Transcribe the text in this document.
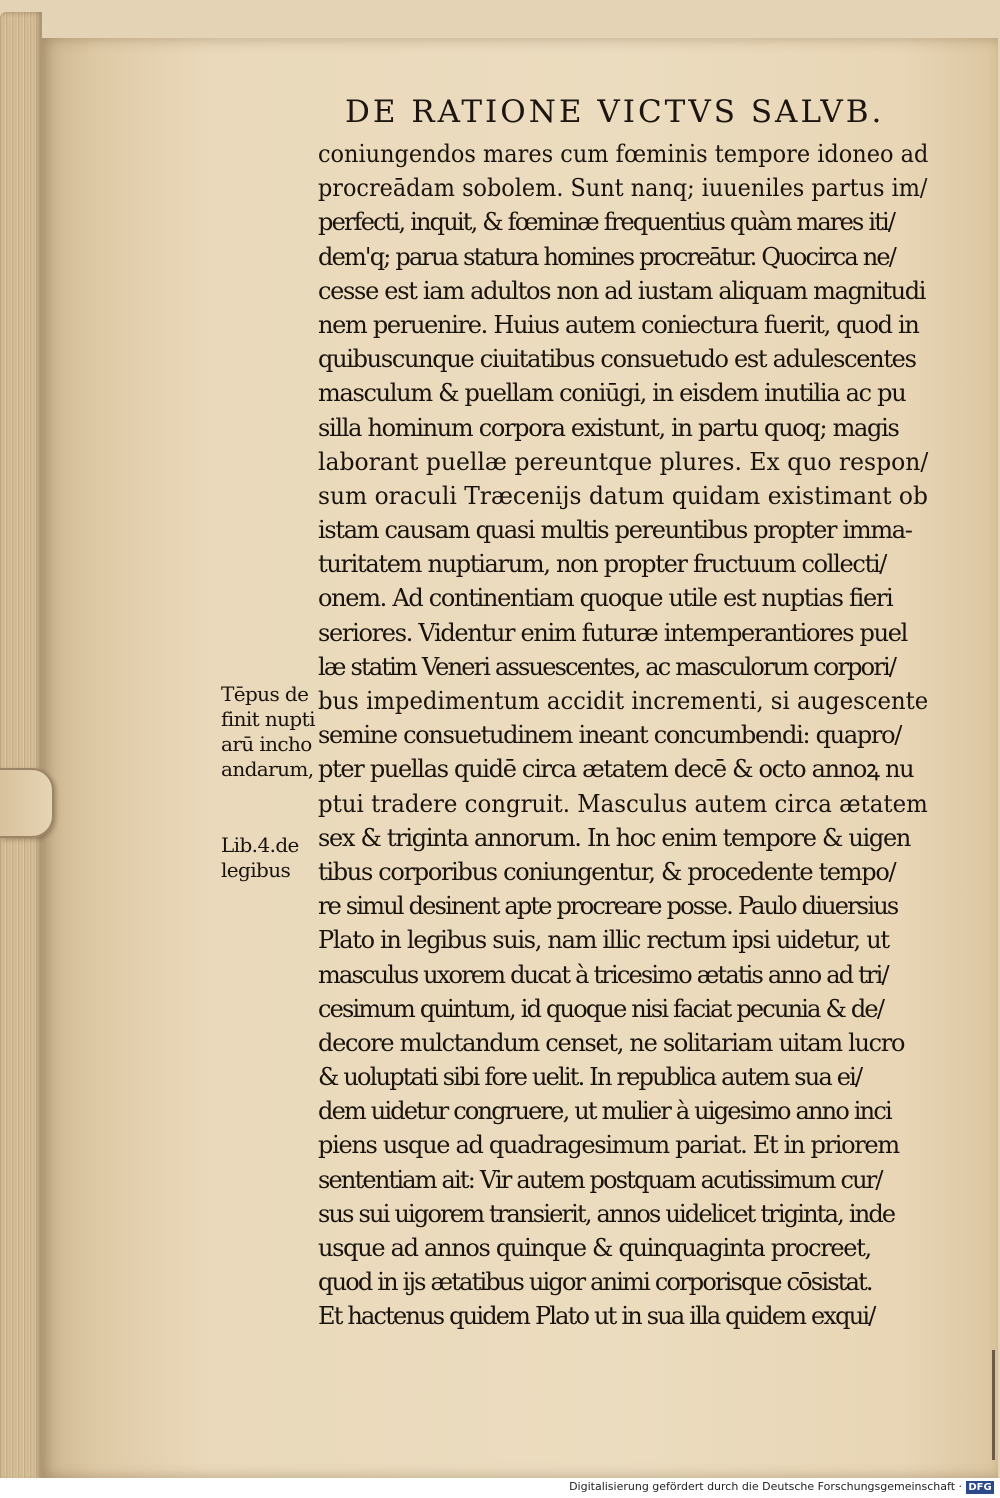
DE RATIONE VICTVS SALVB.
coniungendos mares cum fœminis tempore idoneo ad
procreādam sobolem. Sunt nanq; iuueniles partus im/
perfecti, inquit, & fœminæ frequentius quàm mares iti/
dem'q; parua statura homines procreātur. Quocirca ne/
cesse est iam adultos non ad iustam aliquam magnitudi
nem peruenire. Huius autem coniectura fuerit, quod in
quibuscunque ciuitatibus consuetudo est adulescentes
masculum & puellam coniūgi, in eisdem inutilia ac pu
silla hominum corpora existunt, in partu quoq; magis
laborant puellæ pereuntque plures. Ex quo respon/
sum oraculi Træcenijs datum quidam existimant ob
istam causam quasi multis pereuntibus propter imma-
turitatem nuptiarum, non propter fructuum collecti/
onem. Ad continentiam quoque utile est nuptias fieri
seriores. Videntur enim futuræ intemperantiores puel
læ statim Veneri assuescentes, ac masculorum corpori/
bus impedimentum accidit incrementi, si augescente
semine consuetudinem ineant concumbendi: quapro/
pter puellas quidē circa ætatem decē & octo annoꝝ nu
ptui tradere congruit. Masculus autem circa ætatem
sex & triginta annorum. In hoc enim tempore & uigen
tibus corporibus coniungentur, & procedente tempo/
re simul desinent apte procreare posse. Paulo diuersius
Plato in legibus suis, nam illic rectum ipsi uidetur, ut
masculus uxorem ducat à tricesimo ætatis anno ad tri/
cesimum quintum, id quoque nisi faciat pecunia & de/
decore mulctandum censet, ne solitariam uitam lucro
& uoluptati sibi fore uelit. In republica autem sua ei/
dem uidetur congruere, ut mulier à uigesimo anno inci
piens usque ad quadragesimum pariat. Et in priorem
sententiam ait: Vir autem postquam acutissimum cur/
sus sui uigorem transierit, annos uidelicet triginta, inde
usque ad annos quinque & quinquaginta procreet,
quod in ijs ætatibus uigor animi corporisque cōsistat.
Et hactenus quidem Plato ut in sua illa quidem exqui/
Tēpus de
finit nupti
arū incho
andarum,
Lib.4.de
legibus
Digitalisierung gefördert durch die Deutsche Forschungsgemeinschaft · DFG
